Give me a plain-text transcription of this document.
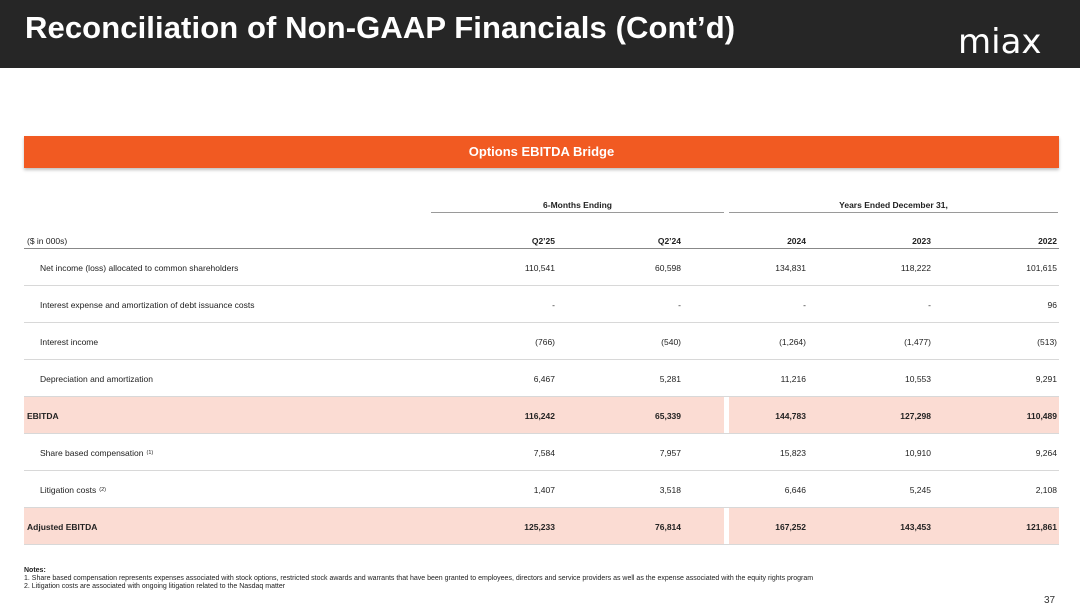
Reconciliation of Non-GAAP Financials (Cont’d)	miax
Options EBITDA Bridge
6-Months Ending	Years Ended December 31,
($ in 000s)	Q2’25	Q2’24	2024	2023	2022
Net income (loss) allocated to common shareholders	110,541	60,598	134,831	118,222	101,615
Interest expense and amortization of debt issuance costs	-	-	-	-	96
Interest income	(766)	(540)	(1,264)	(1,477)	(513)
Depreciation and amortization	6,467	5,281	11,216	10,553	9,291
EBITDA	116,242	65,339	144,783	127,298	110,489
Share based compensation (1)	7,584	7,957	15,823	10,910	9,264
Litigation costs (2)	1,407	3,518	6,646	5,245	2,108
Adjusted EBITDA	125,233	76,814	167,252	143,453	121,861
Notes:
1. Share based compensation represents expenses associated with stock options, restricted stock awards and warrants that have been granted to employees, directors and service providers as well as the expense associated with the equity rights program
2. Litigation costs are associated with ongoing litigation related to the Nasdaq matter
37
